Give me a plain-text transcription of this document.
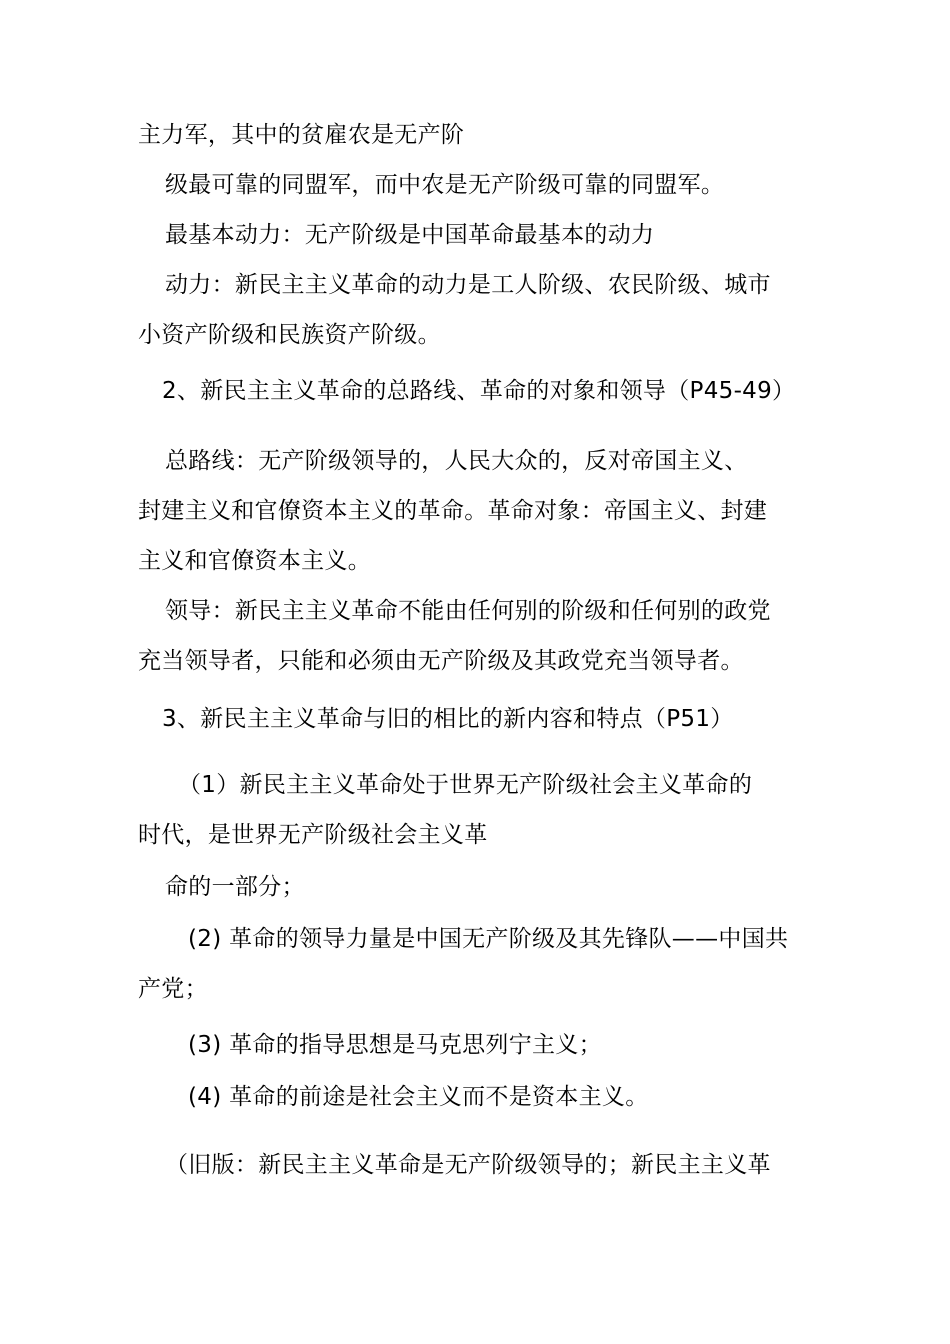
主力军，其中的贫雇农是无产阶
级最可靠的同盟军，而中农是无产阶级可靠的同盟军。
最基本动力：无产阶级是中国革命最基本的动力
动力：新民主主义革命的动力是工人阶级、农民阶级、城市
小资产阶级和民族资产阶级。
2、新民主主义革命的总路线、革命的对象和领导（P45-49）
总路线：无产阶级领导的，人民大众的，反对帝国主义、
封建主义和官僚资本主义的革命。革命对象：帝国主义、封建
主义和官僚资本主义。
领导：新民主主义革命不能由任何别的阶级和任何别的政党
充当领导者，只能和必须由无产阶级及其政党充当领导者。
3、新民主主义革命与旧的相比的新内容和特点（P51）
（1）新民主主义革命处于世界无产阶级社会主义革命的
时代，是世界无产阶级社会主义革
命的一部分；
(2) 革命的领导力量是中国无产阶级及其先锋队——中国共
产党；
(3) 革命的指导思想是马克思列宁主义；
(4) 革命的前途是社会主义而不是资本主义。
（旧版：新民主主义革命是无产阶级领导的；新民主主义革
